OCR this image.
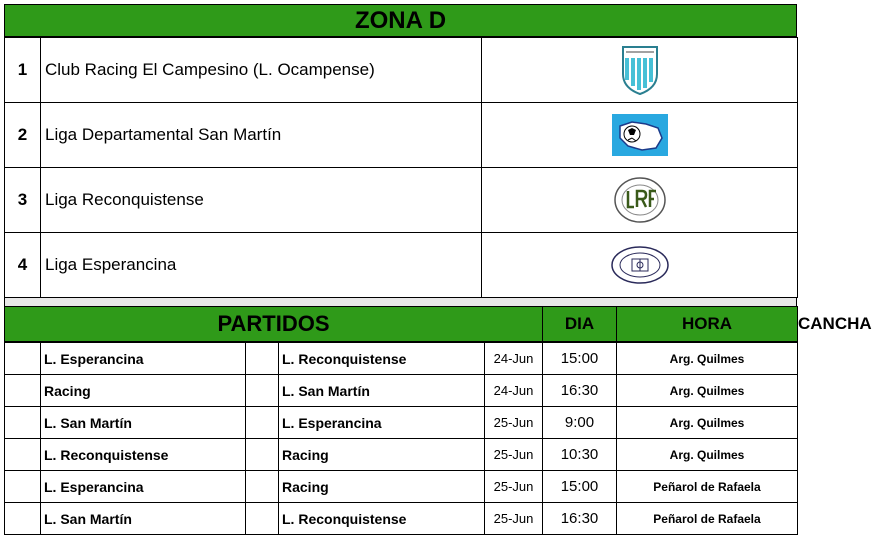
ZONA D
1	Club Racing El Campesino (L. Ocampense)	

2	Liga Departamental San Martín	

3	Liga Reconquistense	

4	Liga Esperancina	
PARTIDOS	DIA	HORA	CANCHA
	L. Esperancina		L. Reconquistense	24-Jun	15:00	Arg. Quilmes
	Racing		L. San Martín	24-Jun	16:30	Arg. Quilmes
	L. San Martín		L. Esperancina	25-Jun	9:00	Arg. Quilmes
	L. Reconquistense		Racing	25-Jun	10:30	Arg. Quilmes
	L. Esperancina		Racing	25-Jun	15:00	Peñarol de Rafaela
	L. San Martín		L. Reconquistense	25-Jun	16:30	Peñarol de Rafaela
